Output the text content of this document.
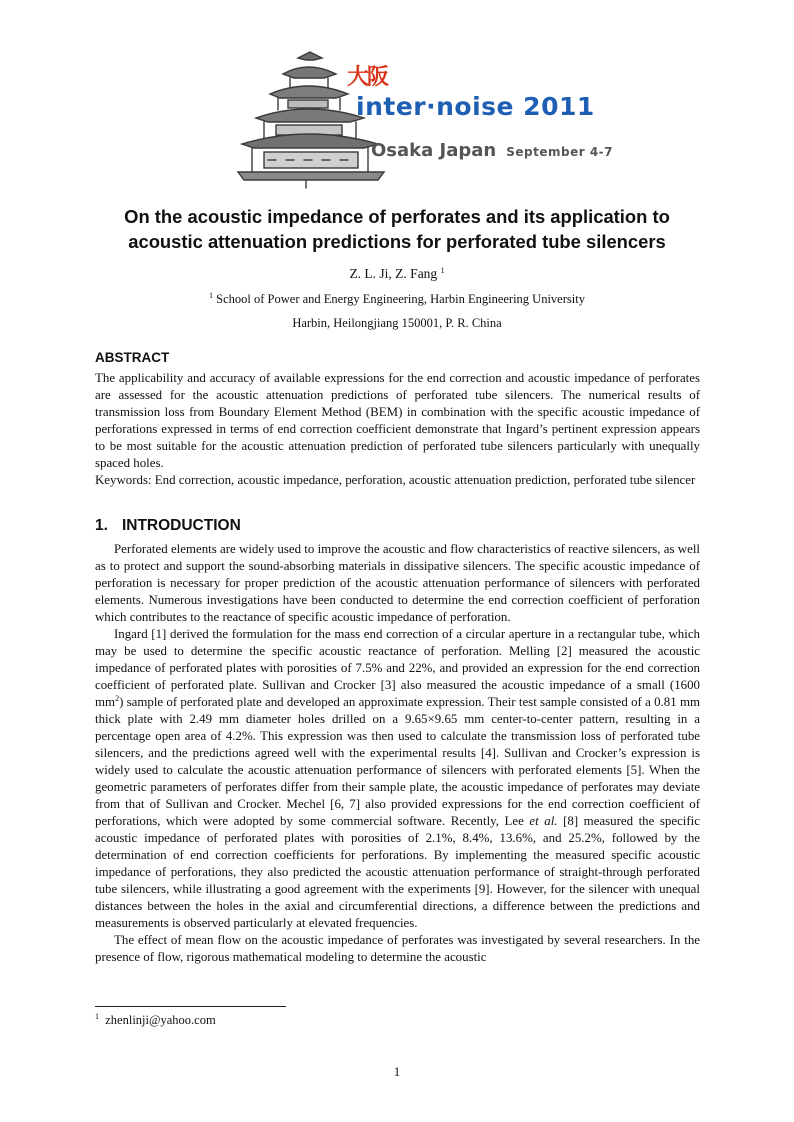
大阪
inter·noise 2011
Osaka Japan September 4-7
On the acoustic impedance of perforates and its application to
acoustic attenuation predictions for perforated tube silencers
Z. L. Ji, Z. Fang $^1$
$^1$ School of Power and Energy Engineering, Harbin Engineering University
Harbin, Heilongjiang 150001, P. R. China
ABSTRACT

The applicability and accuracy of available expressions for the end correction and acoustic impedance of perforates are assessed for the acoustic attenuation predictions of perforated tube silencers. The numerical results of transmission loss from Boundary Element Method (BEM) in combination with the specific acoustic impedance of perforations expressed in terms of end correction coefficient demonstrate that Ingard’s pertinent expression appears to be most suitable for the acoustic attenuation prediction of perforated tube silencers particularly with unequally spaced holes.

Keywords: End correction, acoustic impedance, perforation, acoustic attenuation prediction, perforated tube silencer

1. INTRODUCTION

Perforated elements are widely used to improve the acoustic and flow characteristics of reactive silencers, as well as to protect and support the sound-absorbing materials in dissipative silencers. The specific acoustic impedance of perforation is necessary for proper prediction of the acoustic attenuation performance of silencers with perforated elements. Numerous investigations have been conducted to determine the end correction coefficient of perforation which contributes to the reactance of specific acoustic impedance of perforation.

Ingard [1] derived the formulation for the mass end correction of a circular aperture in a rectangular tube, which may be used to determine the specific acoustic reactance of perforation. Melling [2] measured the acoustic impedance of perforated plates with porosities of 7.5% and 22%, and provided an expression for the end correction coefficient of perforated plate. Sullivan and Crocker [3] also measured the acoustic impedance of a small (1600 $mm^2$) sample of perforated plate and developed an approximate expression. Their test sample consisted of a 0.81 mm thick plate with 2.49 mm diameter holes drilled on a 9.65×9.65 mm center-to-center pattern, resulting in a percentage open area of 4.2%. This expression was then used to calculate the transmission loss of perforated tube silencers, and the predictions agreed well with the experimental results [4]. Sullivan and Crocker’s expression is widely used to calculate the acoustic attenuation performance of silencers with perforated elements [5]. When the geometric parameters of perforates differ from their sample plate, the acoustic impedance of perforates may deviate from that of Sullivan and Crocker. Mechel [6, 7] also provided expressions for the end correction coefficient of perforations, which were adopted by some commercial software. Recently, Lee et al. [8] measured the specific acoustic impedance of perforated plates with porosities of 2.1%, 8.4%, 13.6%, and 25.2%, followed by the determination of end correction coefficients for perforations. By implementing the measured specific acoustic impedance of perforations, they also predicted the acoustic attenuation performance of straight-through perforated tube silencers, while illustrating a good agreement with the experiments [9]. However, for the silencer with unequal distances between the holes in the axial and circumferential directions, a difference between the predictions and measurements is observed particularly at elevated frequencies.

The effect of mean flow on the acoustic impedance of perforates was investigated by several researchers. In the presence of flow, rigorous mathematical modeling to determine the acoustic

$^1$ zhenlinji@yahoo.com
1
